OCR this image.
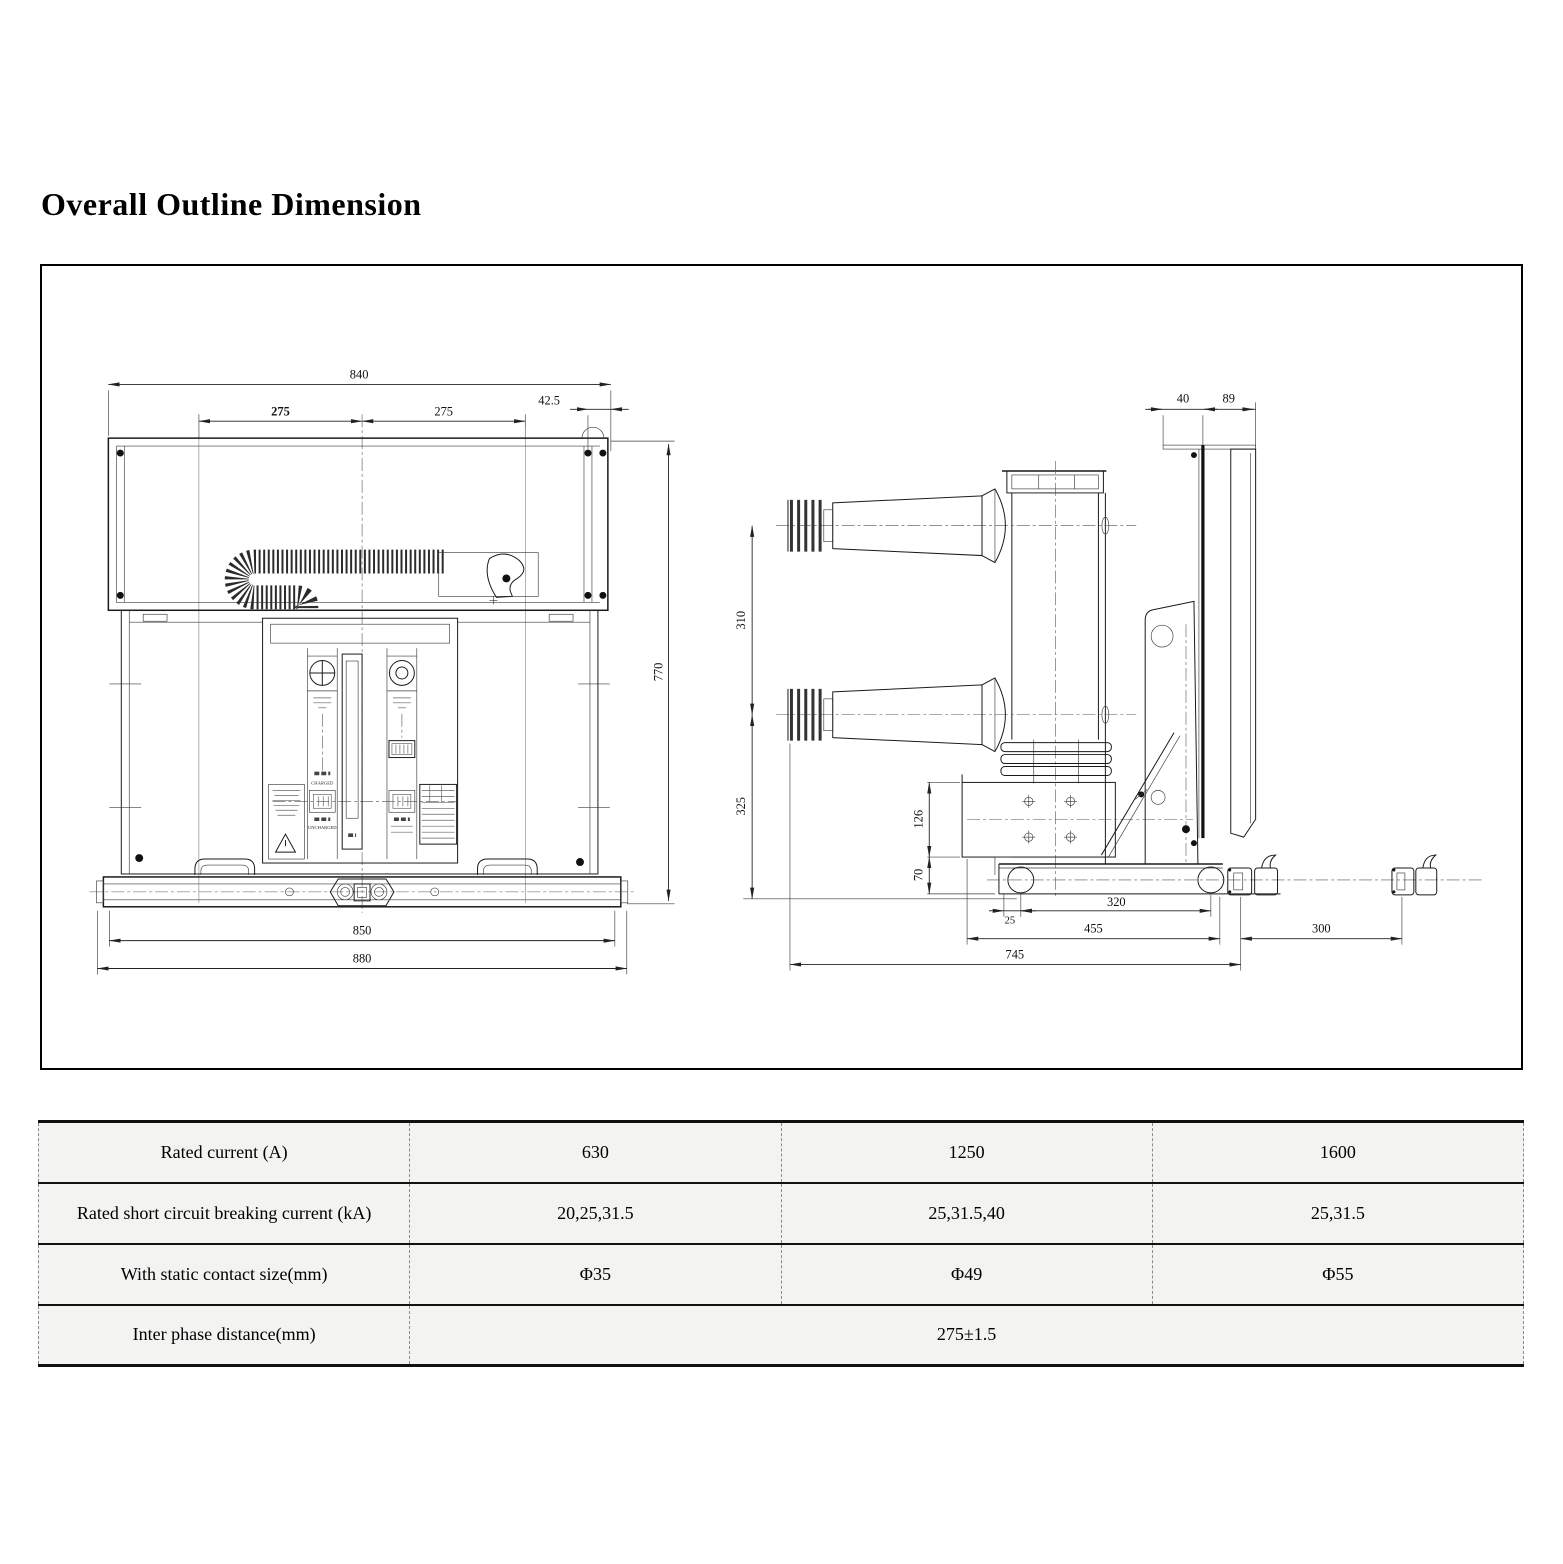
Overall Outline Dimension
840
275	275
42.5
770
850
880
CHARGED
UNCHARGED
40	89
310
325
126
70
25
320
455	300
745
Rated current (A)	630	1250	1600
Rated short circuit breaking current (kA)	20,25,31.5	25,31.5,40	25,31.5
With static contact size(mm)	Φ35	Φ49	Φ55
Inter phase distance(mm)	275±1.5		
